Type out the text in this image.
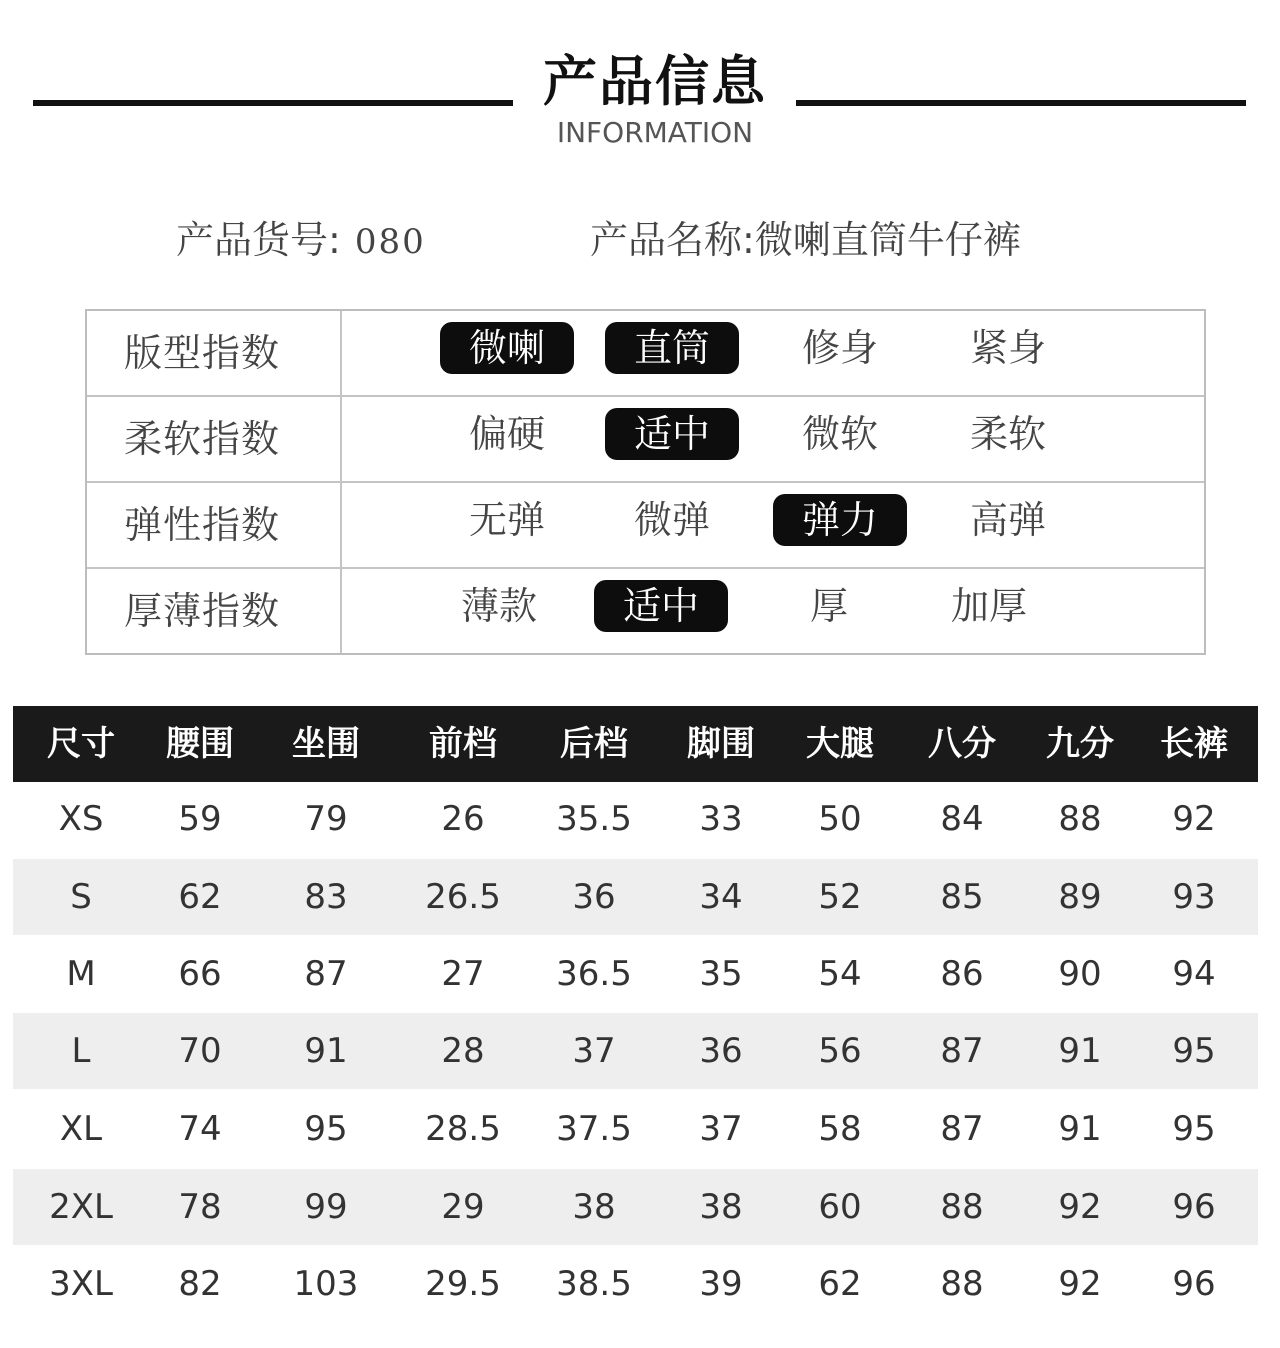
产品信息
INFORMATION
产品货号: 080	产品名称:微喇直筒牛仔裤
版型指数	微喇	直筒	修身	紧身
柔软指数	偏硬	适中	微软	柔软
弹性指数	无弹	微弹	弹力	高弹
厚薄指数	薄款	适中	厚	加厚
尺寸 腰围 坐围 前档 后档 脚围 大腿 八分 九分 长裤
XS 59 79	26 35.5 33 50 84 88 92
S	62 83 26.5 36 34 52 85 89 93
M 66 87	27 36.5 35 54 86 90 94
L	70 91	28	37 36 56 87 91 95
XL 74 95 28.5 37.5 37 58 87 91 95
2XL 78 99	29	38 38 60 88 92 96
3XL 82 103 29.5 38.5 39 62 88 92 96
